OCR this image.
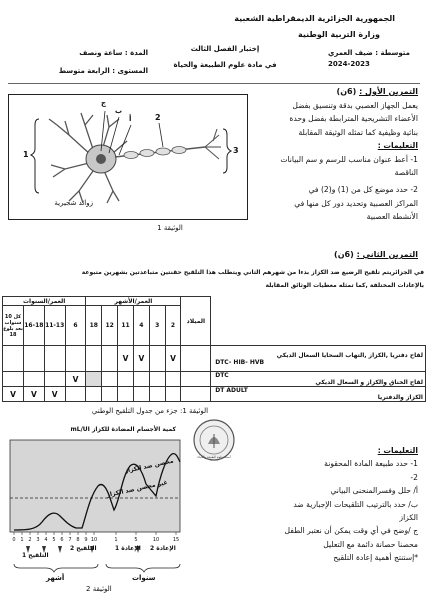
الجمهورية الجزائرية الديمقراطية الشعبية
وزارة التربية الوطنية
متوسطة : ضيف العمري
2024-2023
إختبار الفصل الثالث
في مادة علوم الطبيعة والحياة
المدة : ساعة ونصف
المستوى : الرابعة متوسط
التمرين الأول : (6ن)
يعمل الجهاز العصبي بدقة وتنسيق بفضل
الأعضاء التشريحية المترابطة بفضل وحدة
بنائية وظيفية كما تمثله الوثيقة المقابلة
التعليمات :
1- أعط عنوان مناسب للرسم و سم البيانات
الناقصة
2- حدد موضع كل من (1) و(2) في
المراكز العصبية وتحديد دور كل منها في
الأنشطة العصبية
ج
ب
أ
1
2
3
زوائد شجيرية
الوثيقة 1
التمرين الثاني : (6ن)
في الجزائريتم تلقيح الرضيع ضد الكزاز بدءا من شهرهم الثاني ويتطلب هذا التلقيح حقنتين متباعدتين بشهرين متبوعة
بالإعادات المختلفة ,كما تمثله معطيات الوثائق المقابلة
العمر/السنوات				العمر/الأشهر						الميلاد	
كل 10 سنوات بعد بلوغ 18	16-18	11-13	6	18	12	11	4	3	2		
						V	V		V		لقاح دفتريا ,الكزاز ,التهاب السحايا السعال الديكي
DTC- HIB- HVB

			V								DTC
لقاح الخناق والكزاز و السعال الديكي

V	V	V									DT ADULT
الكزاز والدفتريا
الوثيقة 1: جزء من جدول التلقيح الوطني
كمية الأجسام المضادة للكزاز mL/UI
0 1 2 3 4 5 6 7 8 9 10	1	5	10	15
محصن ضد الكزاز
غير محصن ضد الكزاز
التلقيح 1
التلقيح 2	الإعادة 1 الإعادة 2
أشهر	سنوات
الوثيقة 2
أستاذ علوم الطبيعة والحياة
التعليمات :
1- حدد طبيعة المادة المحقونة
2-
أ/ حلل وفسرالمنحنى البياني
ب/ حدد بالترتيب التلقيحات الإجبارية ضد
الكزاز
ج /وضح في أي وقت يمكن أن نعتبر الطفل
محصنا حصانة دائمة مع التعليل
*إستنتج أهمية إعادة التلقيح
